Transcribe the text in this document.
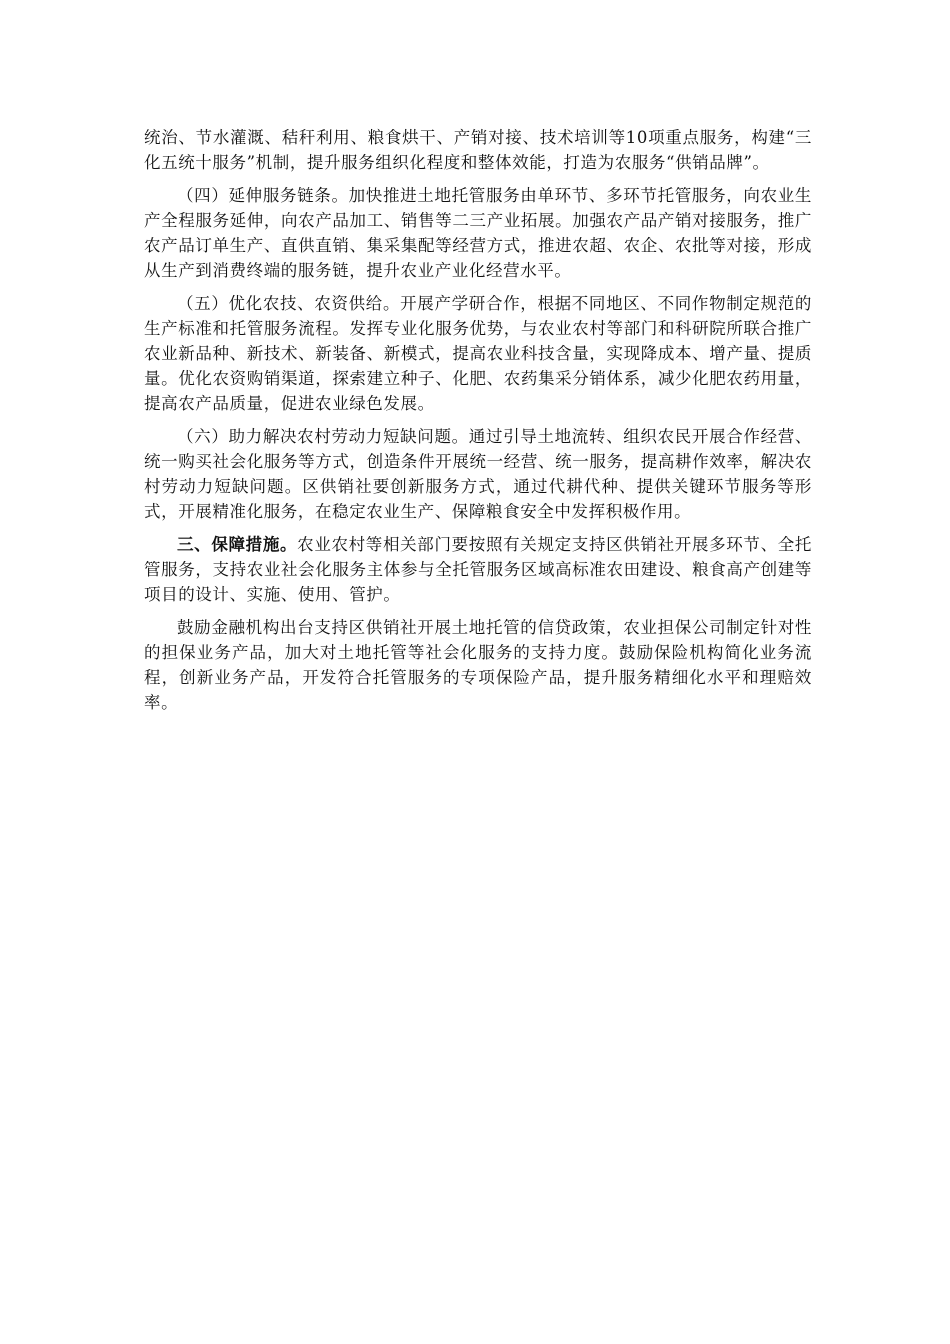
统治、节水灌溉、秸秆利用、粮食烘干、产销对接、技术培训等10项重点服务，构建“三化五统十服务”机制，提升服务组织化程度和整体效能，打造为农服务“供销品牌”。

（四）延伸服务链条。加快推进土地托管服务由单环节、多环节托管服务，向农业生产全程服务延伸，向农产品加工、销售等二三产业拓展。加强农产品产销对接服务，推广农产品订单生产、直供直销、集采集配等经营方式，推进农超、农企、农批等对接，形成从生产到消费终端的服务链，提升农业产业化经营水平。

（五）优化农技、农资供给。开展产学研合作，根据不同地区、不同作物制定规范的生产标准和托管服务流程。发挥专业化服务优势，与农业农村等部门和科研院所联合推广农业新品种、新技术、新装备、新模式，提高农业科技含量，实现降成本、增产量、提质量。优化农资购销渠道，探索建立种子、化肥、农药集采分销体系，减少化肥农药用量，提高农产品质量，促进农业绿色发展。

（六）助力解决农村劳动力短缺问题。通过引导土地流转、组织农民开展合作经营、统一购买社会化服务等方式，创造条件开展统一经营、统一服务，提高耕作效率，解决农村劳动力短缺问题。区供销社要创新服务方式，通过代耕代种、提供关键环节服务等形式，开展精准化服务，在稳定农业生产、保障粮食安全中发挥积极作用。

三、保障措施。农业农村等相关部门要按照有关规定支持区供销社开展多环节、全托管服务，支持农业社会化服务主体参与全托管服务区域高标准农田建设、粮食高产创建等项目的设计、实施、使用、管护。

鼓励金融机构出台支持区供销社开展土地托管的信贷政策，农业担保公司制定针对性的担保业务产品，加大对土地托管等社会化服务的支持力度。鼓励保险机构简化业务流程，创新业务产品，开发符合托管服务的专项保险产品，提升服务精细化水平和理赔效率。
